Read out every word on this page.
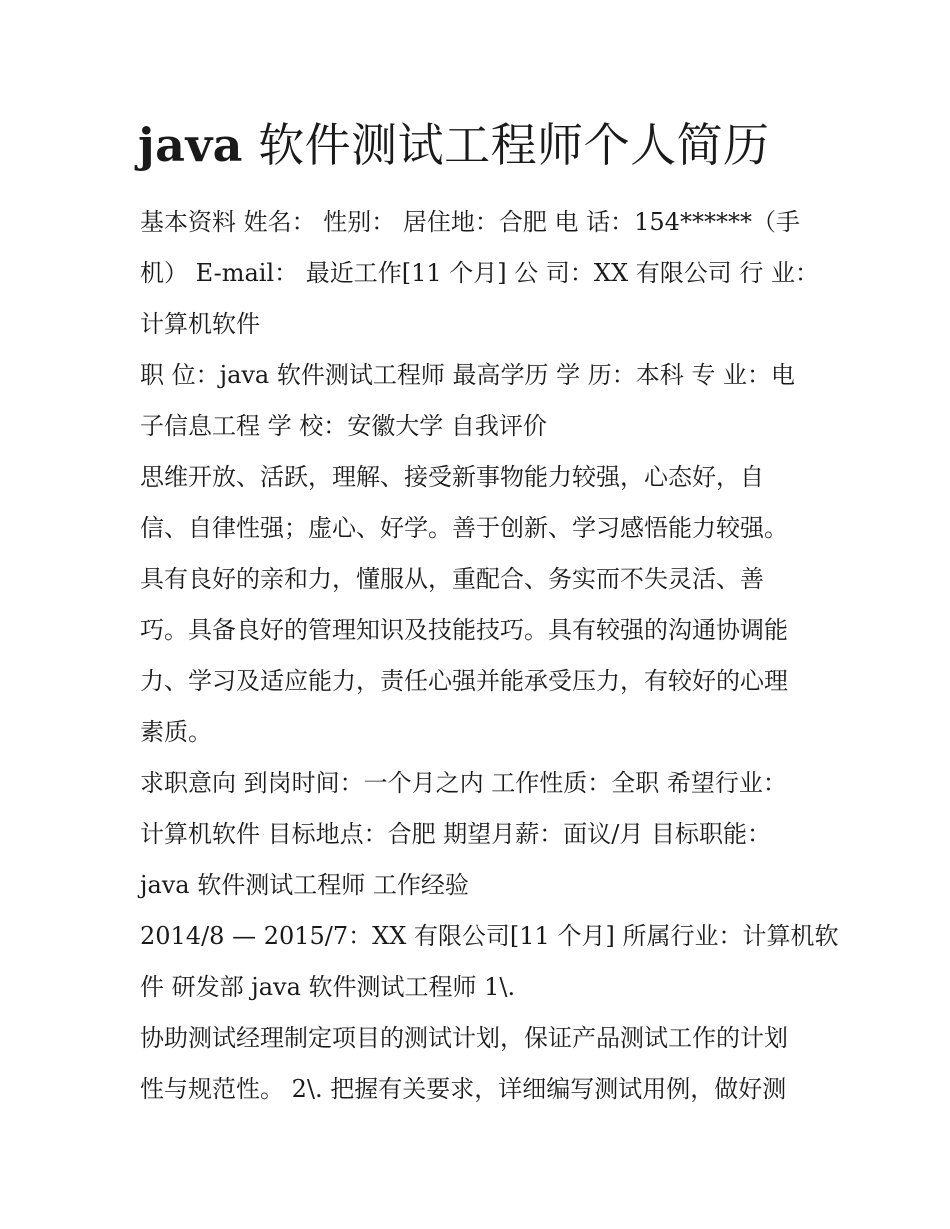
java 软件测试工程师个人简历
基本资料 姓名： 性别： 居住地：合肥 电 话：154******（手
机） E-mail： 最近工作[11 个月] 公 司：XX 有限公司 行 业：
计算机软件
职 位：java 软件测试工程师 最高学历 学 历：本科 专 业：电
子信息工程 学 校：安徽大学 自我评价
思维开放、活跃，理解、接受新事物能力较强，心态好，自
信、自律性强；虚心、好学。善于创新、学习感悟能力较强。
具有良好的亲和力，懂服从，重配合、务实而不失灵活、善
巧。具备良好的管理知识及技能技巧。具有较强的沟通协调能
力、学习及适应能力，责任心强并能承受压力，有较好的心理
素质。
求职意向 到岗时间：一个月之内 工作性质：全职 希望行业：
计算机软件 目标地点：合肥 期望月薪：面议/月 目标职能：
java 软件测试工程师 工作经验
2014/8 — 2015/7：XX 有限公司[11 个月] 所属行业：计算机软
件 研发部 java 软件测试工程师 1\.
协助测试经理制定项目的测试计划，保证产品测试工作的计划
性与规范性。 2\. 把握有关要求，详细编写测试用例，做好测
